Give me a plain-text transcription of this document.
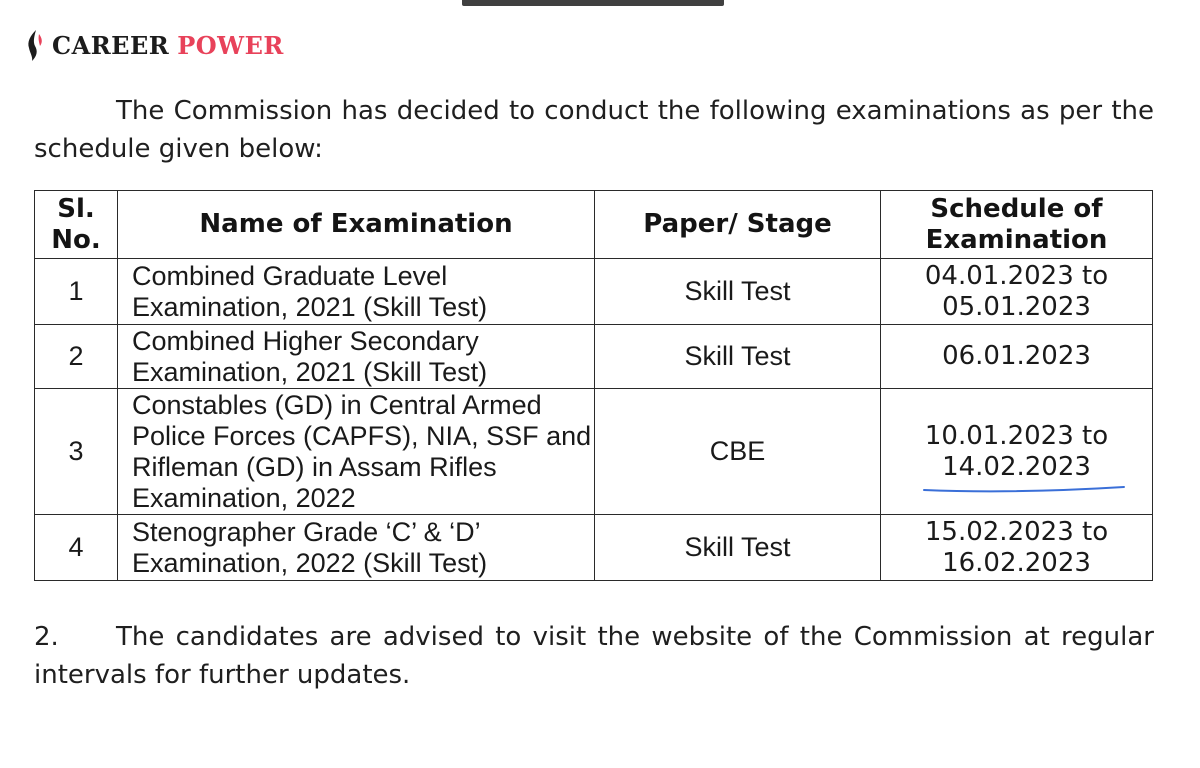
CAREER POWER

The Commission has decided to conduct the following examinations as per the schedule given below:

Sl. No.	Name of Examination	Paper/ Stage	Schedule of Examination
1	Combined Graduate Level Examination, 2021 (Skill Test)	Skill Test	04.01.2023 to 05.01.2023
2	Combined Higher Secondary Examination, 2021 (Skill Test)	Skill Test	06.01.2023
3	Constables (GD) in Central Armed Police Forces (CAPFS), NIA, SSF and Rifleman (GD) in Assam Rifles Examination, 2022	CBE	10.01.2023 to 14.02.2023
4	Stenographer Grade ‘C’ & ‘D’ Examination, 2022 (Skill Test)	Skill Test	15.02.2023 to 16.02.2023

2. The candidates are advised to visit the website of the Commission at regular intervals for further updates.
